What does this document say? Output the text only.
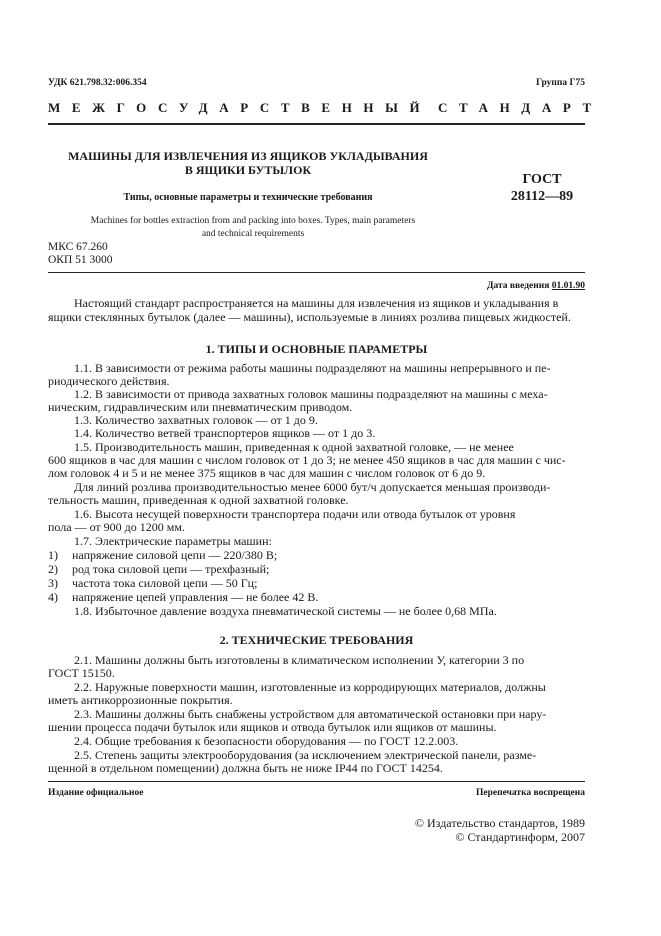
УДК 621.798.32:006.354	Группа Г75
МЕЖГОСУДАРСТВЕННЫЙ СТАНДАРТ
МАШИНЫ ДЛЯ ИЗВЛЕЧЕНИЯ ИЗ ЯЩИКОВ УКЛАДЫВАНИЯ
В ЯЩИКИ БУТЫЛОК
Типы, основные параметры и технические требования
ГОСТ
28112—89
Machines for bottles extraction from and packing into boxes. Types, main parameters
and technical requirements
МКС 67.260
ОКП 51 3000
Дата введения 01.01.90
Настоящий стандарт распространяется на машины для извлечения из ящиков и укладывания в
ящики стеклянных бутылок (далее — машины), используемые в линиях розлива пищевых жидкостей.
1. ТИПЫ И ОСНОВНЫЕ ПАРАМЕТРЫ
1.1. В зависимости от режима работы машины подразделяют на машины непрерывного и пе-
риодического действия.
1.2. В зависимости от привода захватных головок машины подразделяют на машины с меха-
ническим, гидравлическим или пневматическим приводом.
1.3. Количество захватных головок — от 1 до 9.
1.4. Количество ветвей транспортеров ящиков — от 1 до 3.
1.5. Производительность машин, приведенная к одной захватной головке, — не менее
600 ящиков в час для машин с числом головок от 1 до 3; не менее 450 ящиков в час для машин с чис-
лом головок 4 и 5 и не менее 375 ящиков в час для машин с числом головок от 6 до 9.
Для линий розлива производительностью менее 6000 бут/ч допускается меньшая производи-
тельность машин, приведенная к одной захватной головке.
1.6. Высота несущей поверхности транспортера подачи или отвода бутылок от уровня
пола — от 900 до 1200 мм.
1.7. Электрические параметры машин:
1) напряжение силовой цепи — 220/380 В;
2) род тока силовой цепи — трехфазный;
3) частота тока силовой цепи — 50 Гц;
4) напряжение цепей управления — не более 42 В.
1.8. Избыточное давление воздуха пневматической системы — не более 0,68 МПа.
2. ТЕХНИЧЕСКИЕ ТРЕБОВАНИЯ
2.1. Машины должны быть изготовлены в климатическом исполнении У, категории 3 по
ГОСТ 15150.
2.2. Наружные поверхности машин, изготовленные из корродирующих материалов, должны
иметь антикоррозионные покрытия.
2.3. Машины должны быть снабжены устройством для автоматической остановки при нару-
шении процесса подачи бутылок или ящиков и отвода бутылок или ящиков от машины.
2.4. Общие требования к безопасности оборудования — по ГОСТ 12.2.003.
2.5. Степень защиты электрооборудования (за исключением электрической панели, разме-
щенной в отдельном помещении) должна быть не ниже IP44 по ГОСТ 14254.
Издание официальное	Перепечатка воспрещена
© Издательство стандартов, 1989
© Стандартинформ, 2007
